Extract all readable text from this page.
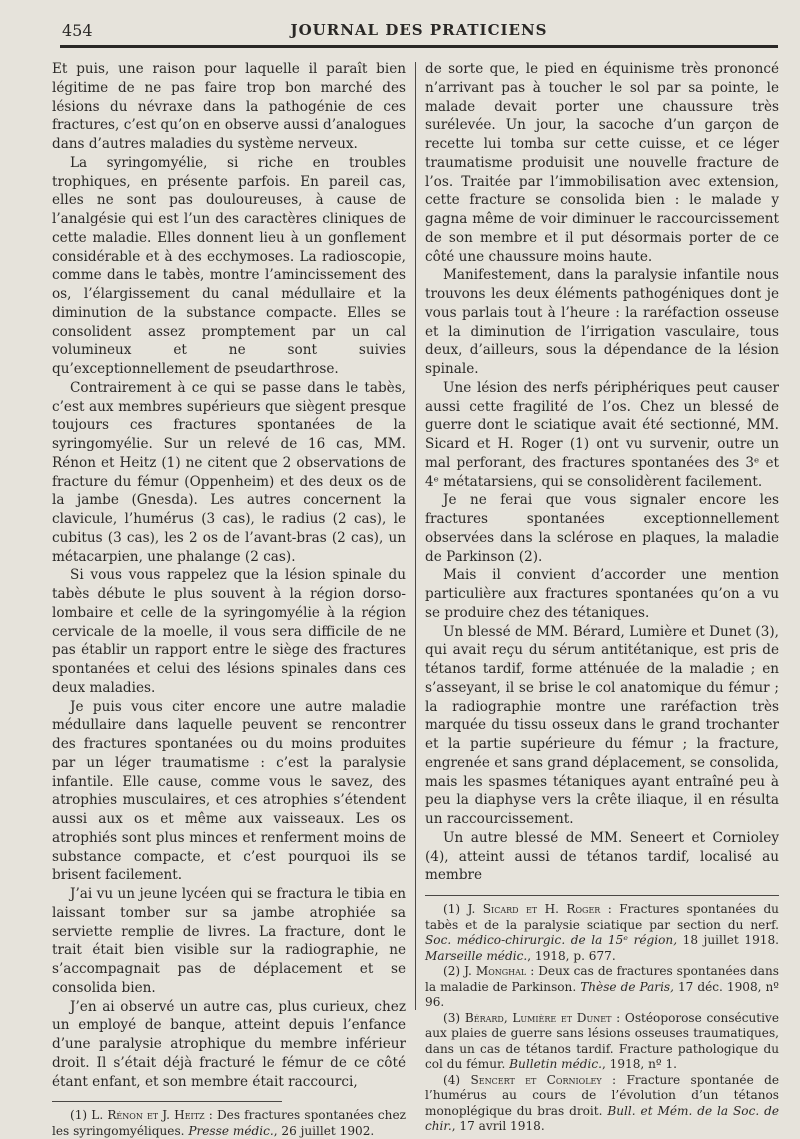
454	JOURNAL DES PRATICIENS

Et puis, une raison pour laquelle il paraît bien légitime de ne pas faire trop bon marché des lésions du névraxe dans la pathogénie de ces fractures, c’est qu’on en observe aussi d’analogues dans d’autres maladies du système nerveux.

La syringomyélie, si riche en troubles trophiques, en présente parfois. En pareil cas, elles ne sont pas douloureuses, à cause de l’analgésie qui est l’un des caractères cliniques de cette maladie. Elles donnent lieu à un gonflement considérable et à des ecchymoses. La radioscopie, comme dans le tabès, montre l’amincissement des os, l’élargissement du canal médullaire et la diminution de la substance compacte. Elles se consolident assez promptement par un cal volumineux et ne sont suivies qu’exceptionnellement de pseudarthrose.

Contrairement à ce qui se passe dans le tabès, c’est aux membres supérieurs que siègent presque toujours ces fractures spontanées de la syringomyélie. Sur un relevé de 16 cas, MM. Rénon et Heitz (1) ne citent que 2 observations de fracture du fémur (Oppenheim) et des deux os de la jambe (Gnesda). Les autres concernent la clavicule, l’humérus (3 cas), le radius (2 cas), le cubitus (3 cas), les 2 os de l’avant-bras (2 cas), un métacarpien, une phalange (2 cas).

Si vous vous rappelez que la lésion spinale du tabès débute le plus souvent à la région dorso-lombaire et celle de la syringomyélie à la région cervicale de la moelle, il vous sera difficile de ne pas établir un rapport entre le siège des fractures spontanées et celui des lésions spinales dans ces deux maladies.

Je puis vous citer encore une autre maladie médullaire dans laquelle peuvent se rencontrer des fractures spontanées ou du moins produites par un léger traumatisme : c’est la paralysie infantile. Elle cause, comme vous le savez, des atrophies musculaires, et ces atrophies s’étendent aussi aux os et même aux vaisseaux. Les os atrophiés sont plus minces et renferment moins de substance compacte, et c’est pourquoi ils se brisent facilement.

J’ai vu un jeune lycéen qui se fractura le tibia en laissant tomber sur sa jambe atrophiée sa serviette remplie de livres. La fracture, dont le trait était bien visible sur la radiographie, ne s’accompagnait pas de déplacement et se consolida bien.

J’en ai observé un autre cas, plus curieux, chez un employé de banque, atteint depuis l’enfance d’une paralysie atrophique du membre inférieur droit. Il s’était déjà fracturé le fémur de ce côté étant enfant, et son membre était raccourci,

(1) L. Rénon et J. Heitz : Des fractures spontanées chez les syringomyéliques. Presse médic., 26 juillet 1902.

de sorte que, le pied en équinisme très prononcé n’arrivant pas à toucher le sol par sa pointe, le malade devait porter une chaussure très surélevée. Un jour, la sacoche d’un garçon de recette lui tomba sur cette cuisse, et ce léger traumatisme produisit une nouvelle fracture de l’os. Traitée par l’immobilisation avec extension, cette fracture se consolida bien : le malade y gagna même de voir diminuer le raccourcissement de son membre et il put désormais porter de ce côté une chaussure moins haute.

Manifestement, dans la paralysie infantile nous trouvons les deux éléments pathogéniques dont je vous parlais tout à l’heure : la raréfaction osseuse et la diminution de l’irrigation vasculaire, tous deux, d’ailleurs, sous la dépendance de la lésion spinale.

Une lésion des nerfs périphériques peut causer aussi cette fragilité de l’os. Chez un blessé de guerre dont le sciatique avait été sectionné, MM. Sicard et H. Roger (1) ont vu survenir, outre un mal perforant, des fractures spontanées des 3ᵉ et 4ᵉ métatarsiens, qui se consolidèrent facilement.

Je ne ferai que vous signaler encore les fractures spontanées exceptionnellement observées dans la sclérose en plaques, la maladie de Parkinson (2).

Mais il convient d’accorder une mention particulière aux fractures spontanées qu’on a vu se produire chez des tétaniques.

Un blessé de MM. Bérard, Lumière et Dunet (3), qui avait reçu du sérum antitétanique, est pris de tétanos tardif, forme atténuée de la maladie ; en s’asseyant, il se brise le col anatomique du fémur ; la radiographie montre une raréfaction très marquée du tissu osseux dans le grand trochanter et la partie supérieure du fémur ; la fracture, engrenée et sans grand déplacement, se consolida, mais les spasmes tétaniques ayant entraîné peu à peu la diaphyse vers la crête iliaque, il en résulta un raccourcissement.

Un autre blessé de MM. Seneert et Cornioley (4), atteint aussi de tétanos tardif, localisé au membre

(1) J. Sicard et H. Roger : Fractures spontanées du tabès et de la paralysie sciatique par section du nerf. Soc. médico-chirurgic. de la 15ᵉ région, 18 juillet 1918. Marseille médic., 1918, p. 677.

(2) J. Monghal : Deux cas de fractures spontanées dans la maladie de Parkinson. Thèse de Paris, 17 déc. 1908, nº 96.

(3) Bérard, Lumière et Dunet : Ostéoporose consécutive aux plaies de guerre sans lésions osseuses traumatiques, dans un cas de tétanos tardif. Fracture pathologique du col du fémur. Bulletin médic., 1918, nº 1.

(4) Sencert et Cornioley : Fracture spontanée de l’humérus au cours de l’évolution d’un tétanos monoplégique du bras droit. Bull. et Mém. de la Soc. de chir., 17 avril 1918.
